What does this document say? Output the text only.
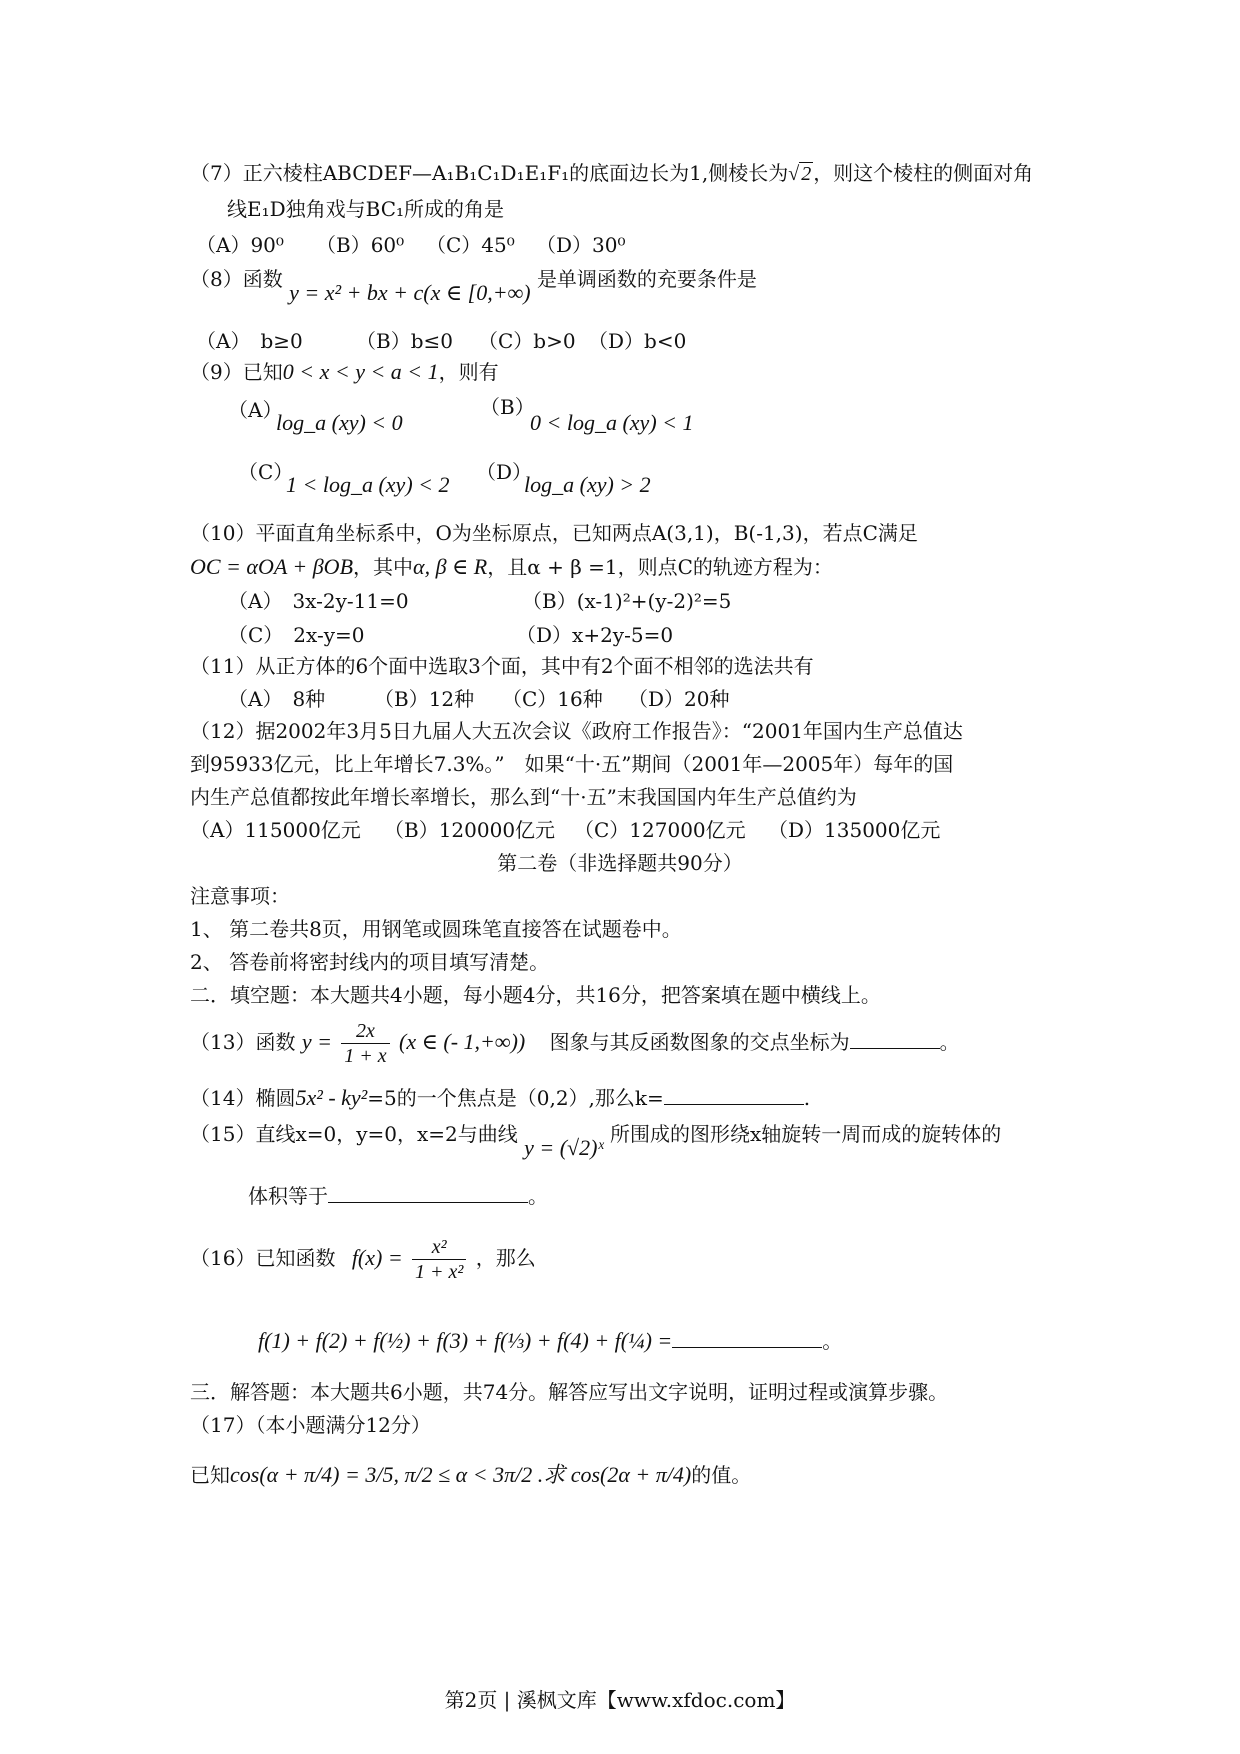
（7）正六棱柱ABCDEF—A₁B₁C₁D₁E₁F₁的底面边长为1,侧棱长为√ 2 ，则这个棱柱的侧面对角
线E₁D独角戏与BC₁所成的角是
（A）90⁰ （B）60⁰ （C）45⁰ （D）30⁰
（8）函数 y = x² + bx + c(x ∈ [0,+∞) 是单调函数的充要条件是
（A）　b≥0	（B）b≤0 （C）b>0 （D）b<0
（9）已知0 < x < y < a < 1，则有
（A）
log_a (xy) < 0
（B）
0 < log_a (xy) < 1
（C）
1 < log_a (xy) < 2 （D）
log_a (xy) > 2
（10）平面直角坐标系中，O为坐标原点，已知两点A(3,1)，B(-1,3)，若点C满足
OC = αOA + βOB，其中α, β ∈ R，且α + β =1，则点C的轨迹方程为：
（A）　3x-2y-11=0	（B）(x-1)²+(y-2)²=5
（C）　2x-y=0	（D）x+2y-5=0
（11）从正方体的6个面中选取3个面，其中有2个面不相邻的选法共有
（A）　8种 （B）12种 （C）16种 （D）20种
（12）据2002年3月5日九届人大五次会议《政府工作报告》：“2001年国内生产总值达
到95933亿元，比上年增长7.3%。”　如果“十·五”期间（2001年—2005年）每年的国
内生产总值都按此年增长率增长，那么到“十·五”末我国国内年生产总值约为
（A）115000亿元 （B）120000亿元 （C）127000亿元 （D）135000亿元
第二卷（非选择题共90分）
注意事项：
1、 第二卷共8页，用钢笔或圆珠笔直接答在试题卷中。
2、 答卷前将密封线内的项目填写清楚。
二．填空题：本大题共4小题，每小题4分，共16分，把答案填在题中横线上。
（13）函数 $y = \frac{2x}{1 + x} (x$ ∈ (- 1,+∞)) 图象与其反函数图象的交点坐标为	。
（14）椭圆5x² - ky²=5的一个焦点是（0,2）,那么k=	.
（15）直线x=0，y=0，x=2与曲线 y = (√2)ˣ 所围成的图形绕x轴旋转一周而成的旋转体的
体积等于	。
（16）已知函数 $f(x) = \frac{\text{x²}}{\text{1 + x²}}$ ，那么
f(1) + f(2) + f(½) + f(3) + f(⅓) + f(4) + f(¼) =	。
三．解答题：本大题共6小题，共74分。解答应写出文字说明，证明过程或演算步骤。
（17）（本小题满分12分）
已知cos(α + π/4) = 3/5, π/2 ≤ α < 3π/2 .求 cos(2α + π/4)的值。
第2页 | 溪枫文库【www.xfdoc.com】
